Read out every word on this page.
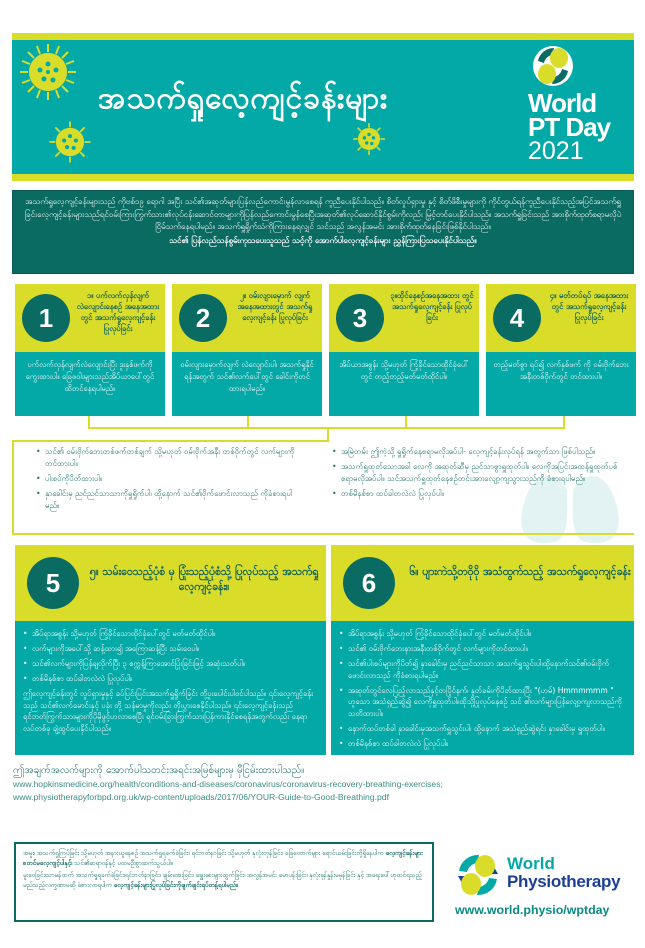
အသက်ရှုလေ့ကျင့်ခန်းများ	World
PT Day
2021
အသက်ရှုလေ့ကျင့်ခန်းများသည် ကိုဗစ်၁၉ ရောဂါ အပြီး သင်၏အဆုတ်များပြန်လည်ကောင်းမွန်လာစေရန် ကူညီပေးနိုင်ပါသည်။ စိတ်လှုပ်ရှားမှု နှင့် စိတ်ဖိစီးမှုများကို ကိုင်တွယ်ရန်ကူညီပေးနိုင်သည့်အပြင်အသက်ရှူခြင်းလေ့ကျင့်ခန်းများသည်ရင်ဝမ်းကြားကြွက်သား၏လုပ်ငန်းဆောင်တာများကိုပြန်လည်ကောင်းမွန်စေပြီးအဆုတ်၏လုပ်ဆောင်နိုင်စွမ်းကိုလည်း မြှင့်တင်ပေးနိုင်ပါသည်။ အသက်ရှူခြင်းသည် အားစိုက်ထုတ်စရာမလိုပဲ ငြိမ်သက်နေရပါမည်။ အသက်ရှူရှိုက်သံကိုကြားနေရလျှင် သင်သည် အလွန်အမင်း အားစိုက်ထုတ်နေခြင်းဖြစ်နိုင်ပါသည်။
သင်၏ ပြန်လည်သန်စွမ်းကုသပေးသူသည် သင့်ကို အောက်ပါလေ့ကျင့်ခန်းများ ညွှန်ကြားပြသပေးနိုင်ပါသည်။
1
၁။ ပက်လက်လှန်လျက် လဲလျောင်းနေစဥ် အနေအထားတွင် အသက်ရှုလေ့ကျင့်ခန်းပြုလုပ်ခြင်း
ပက်လက်လှန်လျက်လဲလျောင်းပြီး ဒူးနှစ်ဖက်ကို ကွေးထားပါ။ ခြေဖဝါးများသည်အိပ်ယာပေါ်တွင် ထိတင်နေရပါမည်။
2
၂။ ဝမ်းလျားမှောက် လျက် အနေအထားတွင် အသက်ရှုလေ့ကျင့်ခန်း ပြုလုပ်ခြင်း
ဝမ်းလျားမှောက်လျက် လဲလျောင်းပါ၊ အသက်ရှုနိုင်ရန်အတွက် သင်၏လက်ပေါ်တွင် ခေါင်းကိုတင်ထားရပါမည်။
3
၃။ထိုင်နေစဥ်အနေအထား တွင် အသက်ရှုလေ့ကျင့်ခန်း ပြုလုပ်ခြင်း
အိပ်ယာအစွန်း သို့မဟုတ် ကြံ့ခိုင်သောထိုင်ခုံပေါ်တွင် တည့်တည့်မတ်မတ်ထိုင်ပါ။
4
၄။ မတ်တပ်ရပ် အနေအထားတွင် အသက်ရှုလေ့ကျင့်ခန်း ပြုလုပ်ခြင်း
တည့်မတ်စွာ ရပ်၍ လက်နှစ်ဖက် ကို ဝမ်းဗိုက်ဘေးအနီးတစ်ဝိုက်တွင် တင်ထားပါ။
• သင်၏ ဝမ်းဗိုက်ဘေးတစ်ဖက်တစ်ချက် သို့မဟုတ် ဝမ်းဗိုက်အနီး တစ်ဝိုက်တွင် လက်များကိုတင်ထားပါ။
• ပါးစပ်ကိုပိတ်ထားပါ။
• နှာခေါင်းမှ ညင်ညင်သာသာကိုရှူရှိုက်ပါ၊ ထို့နောက် သင်၏ဗိုက်ဖောင်းလာသည် ကိုခံစားရပါမည်။
• အမြဲတမ်း ဤကဲ့သို့ ရှူရှိုက်နေစရာမလိုအပ်ပါ- လေ့ကျင့်ခန်းလုပ်ရန် အတွက်သာ ဖြစ်ပါသည်။
• အသက်ရှူထုတ်သောအခါ လေကို အဆုတ်ဆီမှ ညင်သာစွာရှူထုတ်ပါ။ လေကိုအပြင်းအထန်ရှူထုတ်ပစ်စရာမလိုအပ်ပါ။ သင်အသက်ရှူထုတ်နေစဥ်တင်းအားလျော့ကျသွားသည်ကို ခံစားရပါမည်။
• တစ်မိနစ်စာ ထပ်ခါတလဲလဲ ပြုလုပ်ပါ။
5	၅။ သမ်းဝေသည့်ပုံစံ မှ ပြုံးသည့်ပုံစံသို့ ပြုလုပ်သည့် အသက်ရှုလေ့ကျင့်ခန်း။
• အိပ်ရာအစွန်း သို့မဟုတ် ကြံ့ခိုင်သောထိုင်ခုံပေါ်တွင် မတ်မတ်ထိုင်ပါ။
• လက်များကိုအပေါ်သို့ ဆန့်ထား၍ အကြောဆန့်ပြီး သမ်းဝေပါ။
• သင်၏လက်များကိုပြန်ချလိုက်ပြီး ၃ စက္ကန့်ကြာအောင်ပြုံးခြင်းဖြင့် အဆုံးသတ်ပါ။
• တစ်မိနစ်စာ ထပ်ခါတလဲလဲ ပြုလုပ်ပါ။

ဤလေ့ကျင့်ခန်းတွင် လှုပ်ရှားမှုနှင့် ခပ်ပြင်းပြင်းအသက်ရှူရှိုက်ခြင်း တို့ပူးပေါင်းပါဝင်ပါသည်။ ၎င်းလေ့ကျင့်ခန်းသည် သင်၏လက်မောင်းနှင့် ပခုံး တို့ သန်မာမှုကိုလည်း တိုးပွားစေနိုင်ပါသည်။ ၎င်းလေ့ကျင့်ခန်းသည် ရင်ဘတ်ကြွက်သားများကိုပိုမိုဖွင့်ဟလာစေပြီး ရင်ဝမ်းခြားကြွက်သားပြန်ကားနိုင်စေရန်အတွက်လည်း နေရာလပ်တစ်ခု ချဲ့ထွင်ပေးနိုင်ပါသည်။

6	၆။ ပျားကဲသို့တဝိုဝို အသံထွက်သည့် အသက်ရှုလေ့ကျင့်ခန်း
• အိပ်ရာအစွန်း သို့မဟုတ် ကြံ့ခိုင်သောထိုင်ခုံပေါ်တွင် မတ်မတ်ထိုင်ပါ။
• သင်၏ ဝမ်းဗိုက်ဘေးနားအနီးတစ်ဝိုက်တွင် လက်များကိုတင်ထားပါ။
• သင်၏ပါးစပ်များကိုပိတ်၍ နှာခေါင်းမှ ညင်ညင်သာသာ အသက်ရှူသွင်းပါ၊ထို့နောက်သင်၏ဝမ်းဗိုက်ဖောင်းလာသည် ကိုခံစားရပါမည်။
• အဆုတ်တွင်လေပြည့်လာသည်နှင့်တပြိုင်နက်၊ နှုတ်ခမ်းကိုပိတ်ထားပြီး "(ဟမ်) Hmmmmmm " ဟူသော အသံရှည်ဆွဲ၍ လေကိုရှူထုတ်ပါ။ထိုသို့ပြုလုပ်နေစဥ် သင် ၏လက်များပြန်လျော့ကျလာသည်ကိုသတိထားပါ။
• နောက်ထပ်တစ်ခါ နှာခေါင်းမှအသက်ရှူသွင်းပါ၊ ထို့နောက် အသံရှည်ဆွဲရင်း နှာခေါင်းမှ ရှူထုတ်ပါ။
• တစ်မိနစ်စာ ထပ်ခါတလဲလဲ ပြုလုပ်ပါ။
ဤအချက်အလက်များကို အောက်ပါသတင်းအရင်းအမြစ်များမှ မှီငြမ်းထားပါသည်။
www.hopkinsmedicine.org/health/conditions-and-diseases/coronavirus/coronavirus-recovery-breathing-exercises;
www.physiotherapyforbpd.org.uk/wp-content/uploads/2017/06/YOUR-Guide-to-Good-Breathing.pdf

အမှုး၊ အသက်ရှုကြပ်ခြင်း သို့မဟုတ် အနားယူနေစဥ် အသက်ရှုရခက်ခဲခြင်း၊ ရင်ဘတ်နာခြင်း သို့မဟုတ် နှလုံးတုန်ခြင်း၊ ခြေထောက်များ ရောင်ယမ်းခြင်းတို့ရှိနေပါက လေ့ကျင့်ခန်းများ စတင်မလေ့ကျင့်ပါနှင့်၊ သင်၏ဆရာဝန်နှင့် ပထမဦးစွာဆက်သွယ်ပါ။

မူးဝေခြင်း၊သာမန်ထက် အသက်ရှုရခက်ခဲခြင်း၊ရင်ဘတ်နာခြင်း၊ ချမ်းအေးခြင်း၊ ချွေးစေးများထွက်ခြင်း၊ အလွန်အမင်း မောပန်းခြင်း၊ နှလုံးခုန်နှုန်းမမှန်ခြင်း နှင့် အရေးပေါ်ဟုထင်ရသည့် မည်သည့်လက္ခဏာမဆို ခံစားလာရပါက လေ့ကျင့်ခန်းများပြုလုပ်ခြင်းကိုချက်ချင်းရပ်တန့်ရပါမည်။

World
Physiotherapy
www.world.physio/wptday
